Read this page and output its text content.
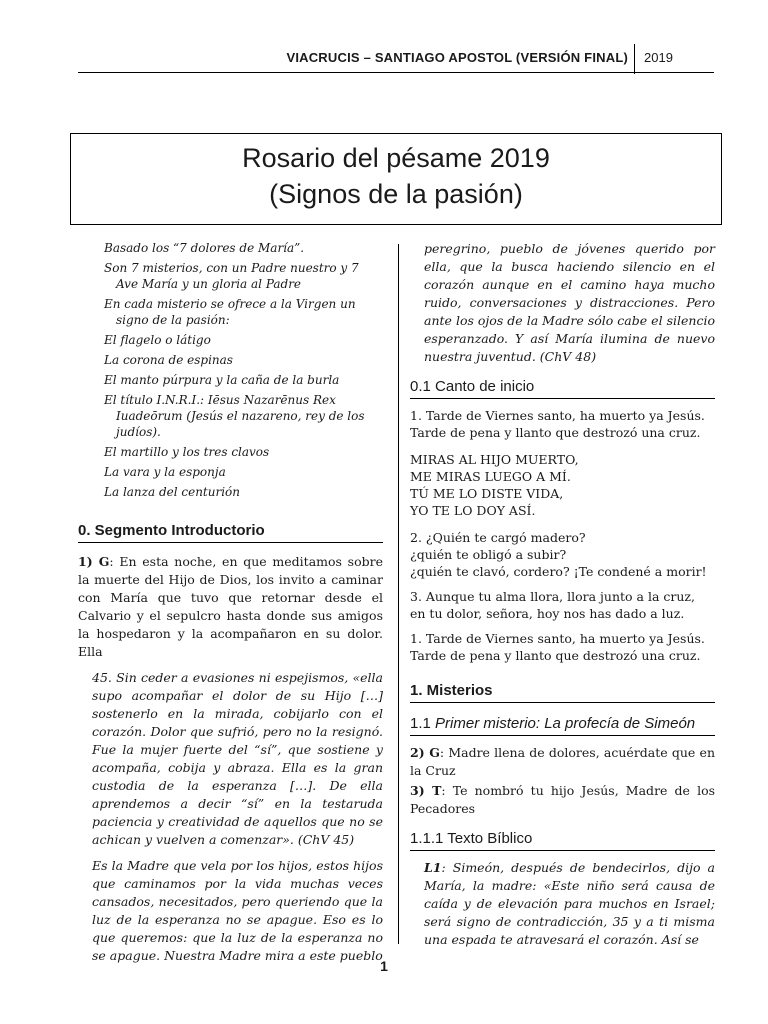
VIACRUCIS – SANTIAGO APOSTOL (VERSIÓN FINAL) 2019
Rosario del pésame 2019
(Signos de la pasión)

Basado los “7 dolores de María”.

Son 7 misterios, con un Padre nuestro y 7 Ave María y un gloria al Padre

En cada misterio se ofrece a la Virgen un signo de la pasión:

El flagelo o látigo

La corona de espinas

El manto púrpura y la caña de la burla

El título I.N.R.I.: Iēsus Nazarēnus Rex Iuadeōrum (Jesús el nazareno, rey de los judíos).

El martillo y los tres clavos

La vara y la esponja

La lanza del centurión

0. Segmento Introductorio

1) G: En esta noche, en que meditamos sobre la muerte del Hijo de Dios, los invito a caminar con María que tuvo que retornar desde el Calvario y el sepulcro hasta donde sus amigos la hospedaron y la acompañaron en su dolor. Ella

45. Sin ceder a evasiones ni espejismos, «ella supo acompañar el dolor de su Hijo […] sostenerlo en la mirada, cobijarlo con el corazón. Dolor que sufrió, pero no la resignó. Fue la mujer fuerte del “sí”, que sostiene y acompaña, cobija y abraza. Ella es la gran custodia de la esperanza […]. De ella aprendemos a decir “sí” en la testaruda paciencia y creatividad de aquellos que no se achican y vuelven a comenzar». (ChV 45)

Es la Madre que vela por los hijos, estos hijos que caminamos por la vida muchas veces cansados, necesitados, pero queriendo que la luz de la esperanza no se apague. Eso es lo que queremos: que la luz de la esperanza no se apague. Nuestra Madre mira a este pueblo

peregrino, pueblo de jóvenes querido por ella, que la busca haciendo silencio en el corazón aunque en el camino haya mucho ruido, conversaciones y distracciones. Pero ante los ojos de la Madre sólo cabe el silencio esperanzado. Y así María ilumina de nuevo nuestra juventud. (ChV 48)

0.1 Canto de inicio

1. Tarde de Viernes santo, ha muerto ya Jesús.

Tarde de pena y llanto que destrozó una cruz.

MIRAS AL HIJO MUERTO,

ME MIRAS LUEGO A MÍ.

TÚ ME LO DISTE VIDA,

YO TE LO DOY ASÍ.

2. ¿Quién te cargó madero?

¿quién te obligó a subir?

¿quién te clavó, cordero? ¡Te condené a morir!

3. Aunque tu alma llora, llora junto a la cruz,

en tu dolor, señora, hoy nos has dado a luz.

1. Tarde de Viernes santo, ha muerto ya Jesús.

Tarde de pena y llanto que destrozó una cruz.

1. Misterios
1.1 Primer misterio: La profecía de Simeón

2) G: Madre llena de dolores, acuérdate que en la Cruz

3) T: Te nombró tu hijo Jesús, Madre de los Pecadores

1.1.1 Texto Bíblico

L1: Simeón, después de bendecirlos, dijo a María, la madre: «Este niño será causa de caída y de elevación para muchos en Israel; será signo de contradicción, 35 y a ti misma una espada te atravesará el corazón. Así se

1
